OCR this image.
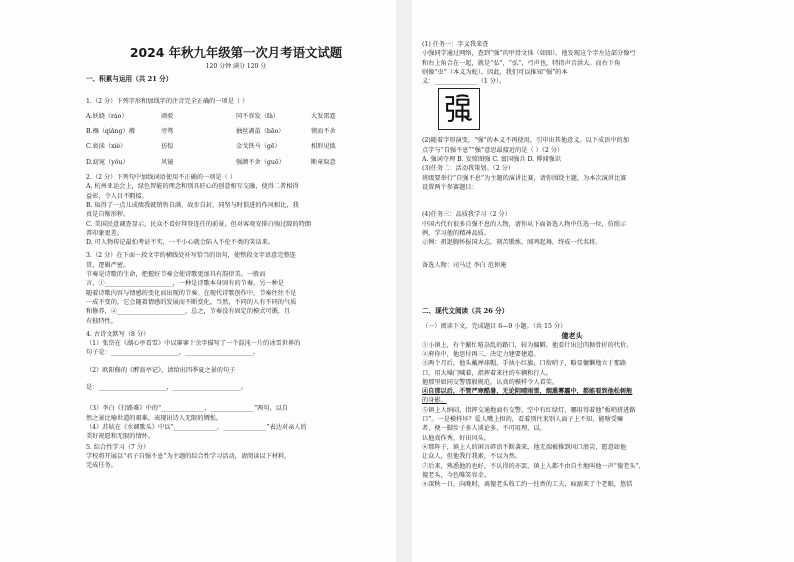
2024 年秋九年级第一次月考语文试题
120 分钟 满分 120 分
一、积累与运用（共 21 分）
1.（2 分）下列字形和加线字的注音完全正确的一项是（ ）
A.妖娆（ráo）	顽驳	同不容发（fà）	大发雷霆
B.襁（qiǎng）褓	旁骛	抽丝剥茧（bāo）	锲而不舍
C.亵渎（xiè）	彷徨	金戈铁马（gē）	相形见拙
D.窈窕（yǒu）	风镜	强颜不舍（guō）	断章取意
2.（2 分）下列句中加线词语使用不正确的一项是（ ）
A. 杭州亚运会上，绿色智能的理念和别具匠心的创意相互交融，使得二者相得
益彰，令人目不暇接。
B. 取得了一点儿成绩我就销售自满、故步自封，同坚与时俱进的作风相比，我
真是自惭形秽。
C. 美国民意调查显示，民众不看好拜登连任的前景，但对客观安排白驹过隙的特朗
普印象更差。
D. 可人物传记最怕考证不实，一不小心就会陷入不伦不类的笑话来。
3.（2 分）在下面一段文字的横线处补写恰当的语句，使整段文字语意完整连
贯，逻辑严密。
节奏是诗歌的生命，把握好节奏会使诗歌更加具有韵律美。一般而
言，①______________________，一种是诗歌本身固有的节奏。另一种是
随着诗歌内容与情感的变化而出现的节奏。在现代诗歌创作中，节奏往往不是
一成不变的，它会随着情感的发展而不断变化。当然，不同的人有不同的气质
和修养，②______________________，总之，节奏没有固定的模式可循，且
有独特性。
4. 古诗文默写（8 分）
（1）张岱在《湖心亭看雪》中以寥寥十余字描写了一个混沌一片的冰雪世界的
句子是：______________________，______________________。
（2）欧阳修的《醉翁亭记》，请给出四季夏之景的句子
是：______________________，______________________。
（3）李白《行路难》中的“______________，______________”两句，以自
然之景比喻世道的艰难，表现出诗人无限的惆怅。
（4）苏轼在《水调歌头》中以“______________，______________”表达对亲人的
美好祝愿和无限的情怀。
5. 综合性学习（7 分）
学校将开展以“君子自强不息”为主题的综合性学习活动，请阅读以下材料，
完成任务。
(1) 任务一：字义我来查
小强同学通过网络，查到“强”的甲骨文体（如图），他发现这个字左边部分像弓
和右上角合在一起，就是“弘”，“弘”，弓声也，特指声音洪大。而右下角
则像“虫”（本义为蛇）。因此，我们可以推知“强”的本
义：______________（1 分）。
(2)随着字形演变，“强”的本义不再使用，引申出其他意义。以下成语中的加
点字与“自强不息”“强”意思最接近的是（ ）（2 分）
A. 强词夺理 B. 发愤图强 C. 富国强兵 D. 博闻强识
(3)任务二：活动我策划。（2 分）
班级要举行“自强不息”为主题的演讲比赛，请你围绕主题，为本次演讲比赛
设置两个参赛题目：
(4)任务三：品质我学习（2 分）
中国古代有很多自强不息的人物，请你从下面备选人物中任选一位，仿照示
例，学习他的精神品质。
示例：祖逖胸怀报国大志，刻苦锻炼，闻鸡起舞，终成一代名将。
备选人物：司马迁 李白 范仲淹
二、现代文阅读（共 26 分）
（一）阅读下文，完成题目 6—9 小题。（共 15 分）
傻老头
①小镇上，有个繁忙喧杂乱的路口，较为偏僻，他看什出过肉据骨折的代价。
②府你中，他思付再三，决定力建要建道。
③两个月后，他头戴禅球帽，手执小红旗，口衔哨子，略显慵懒地立于那路
口，用大嗓门喊着，指挥着来往的车辆和行人。
他那里如同交警那般规范，认真的模样令人看笑。
④自那以后，不管严寒酷暑，无论阴晴雨雪，烟熏雾霾中，都能看到他松树般
的身影。
⑤镇上人纳闷，指挥交通地面有交警，空中有红绿灯，哪用得着他“板哨挤进路
口”。一是模样坏？爱人嘴上担的，看着别往来别人面子上不知，能啥受嘛
者，便一脚步子多人谈论多，不可用理，以。
认他真作秀，好出风头。
⑥那阵子，镇上人的闲言碎语不断袭来，他无端被推到风口浪尖，愿意如他
让众人，但他我行我素，不以为然。
⑦后来，熟悉他的也好，不认得的亦罢，镇上人都不由自主地叫他一声“傻老头”，
傻老头，今色唯笑容幸。
⑧深秋一日，向晚时，离傻老头收工约一炷香的工夫，疯溺来了个老眼，悠恬
